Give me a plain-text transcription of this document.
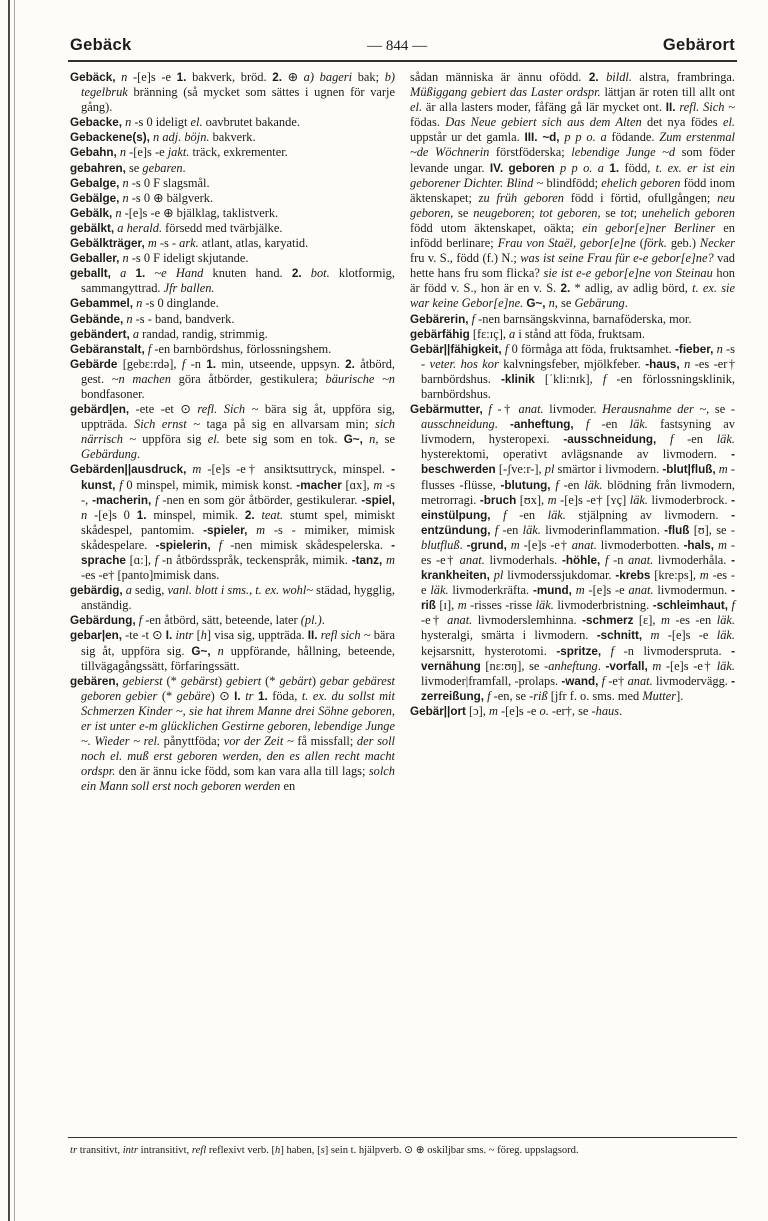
Gebäck	— 844 —	Gebärort

Gebäck, n -[e]s -e 1. bakverk, bröd. 2. ⊕ a) bageri bak; b) tegelbruk bränning (så mycket som sättes i ugnen för varje gång).

Gebacke, n -s 0 ideligt el. oavbrutet bakande.

Gebackene(s), n adj. böjn. bakverk.

Gebahn, n -[e]s -e jakt. träck, exkrementer.

gebahren, se gebaren.

Gebalge, n -s 0 F slagsmål.

Gebälge, n -s 0 ⊕ bälgverk.

Gebälk, n -[e]s -e ⊕ bjälklag, taklistverk.

gebälkt, a herald. försedd med tvärbjälke.

Gebälkträger, m -s - ark. atlant, atlas, karyatid.

Geballer, n -s 0 F ideligt skjutande.

geballt, a 1. ~e Hand knuten hand. 2. bot. klotformig, sammangyttrad. Jfr ballen.

Gebammel, n -s 0 dinglande.

Gebände, n -s - band, bandverk.

gebändert, a randad, randig, strimmig.

Gebäranstalt, f -en barnbördshus, förlossningshem.

Gebärde [gebɛ:rdə], f -n 1. min, utseende, uppsyn. 2. åtbörd, gest. ~n machen göra åtbörder, gestikulera; bäurische ~n bondfasoner.

gebärd|en, -ete -et ⊙ refl. Sich ~ bära sig åt, uppföra sig, uppträda. Sich ernst ~ taga på sig en allvarsam min; sich närrisch ~ uppföra sig el. bete sig som en tok. G~, n, se Gebärdung.

Gebärden||ausdruck, m -[e]s -e† ansiktsuttryck, minspel. -kunst, f 0 minspel, mimik, mimisk konst. -macher [ɑx], m -s -, -macherin, f -nen en som gör åtbörder, gestikulerar. -spiel, n -[e]s 0 1. minspel, mimik. 2. teat. stumt spel, mimiskt skådespel, pantomim. -spieler, m -s - mimiker, mimisk skådespelare. -spielerin, f -nen mimisk skådespelerska. -sprache [ɑ:], f -n åtbördsspråk, teckenspråk, mimik. -tanz, m -es -e† [panto]mimisk dans.

gebärdig, a sedig, vanl. blott i sms., t. ex. wohl~ städad, hygglig, anständig.

Gebärdung, f -en åtbörd, sätt, beteende, later (pl.).

gebar|en, -te -t ⊙ I. intr [h] visa sig, uppträda. II. refl sich ~ bära sig åt, uppföra sig. G~, n uppförande, hållning, beteende, tillvägagångssätt, förfaringssätt.

gebären, gebierst (* gebärst) gebiert (* gebärt) gebar gebärest geboren gebier (* gebäre) ⊙ I. tr 1. föda, t. ex. du sollst mit Schmerzen Kinder ~, sie hat ihrem Manne drei Söhne geboren, er ist unter e-m glücklichen Gestirne geboren, lebendige Junge ~. Wieder ~ rel. pånyttföda; vor der Zeit ~ få missfall; der soll noch el. muß erst geboren werden, den es allen recht macht ordspr. den är ännu icke född, som kan vara alla till lags; solch ein Mann soll erst noch geboren werden en

sådan människa är ännu ofödd. 2. bildl. alstra, frambringa. Müßiggang gebiert das Laster ordspr. lättjan är roten till allt ont el. är alla lasters moder, fåfäng gå lär mycket ont. II. refl. Sich ~ födas. Das Neue gebiert sich aus dem Alten det nya födes el. uppstår ur det gamla. III. ~d, p p o. a födande. Zum erstenmal ~de Wöchnerin förstföderska; lebendige Junge ~d som föder levande ungar. IV. geboren p p o. a 1. född, t. ex. er ist ein geborener Dichter. Blind ~ blindfödd; ehelich geboren född inom äktenskapet; zu früh geboren född i förtid, ofullgången; neu geboren, se neugeboren; tot geboren, se tot; unehelich geboren född utom äktenskapet, oäkta; ein gebor[e]ner Berliner en infödd berlinare; Frau von Staël, gebor[e]ne (förk. geb.) Necker fru v. S., född (f.) N.; was ist seine Frau für e-e gebor[e]ne? vad hette hans fru som flicka? sie ist e-e gebor[e]ne von Steinau hon är född v. S., hon är en v. S. 2. * adlig, av adlig börd, t. ex. sie war keine Gebor[e]ne. G~, n, se Gebärung.

Gebärerin, f -nen barnsängskvinna, barnaföderska, mor.

gebärfähig [fɛ:ɪç], a i stånd att föda, fruktsam.

Gebär||fähigkeit, f 0 förmåga att föda, fruktsamhet. -fieber, n -s - veter. hos kor kalvningsfeber, mjölkfeber. -haus, n -es -er† barnbördshus. -klinik [ˈkli:nɪk], f -en förlossningsklinik, barnbördshus.

Gebärmutter, f -† anat. livmoder. Herausnahme der ~, se -ausschneidung. -anheftung, f -en läk. fastsyning av livmodern, hysteropexi. -ausschneidung, f -en läk. hysterektomi, operativt avlägsnande av livmodern. -beschwerden [-ʃve:r-], pl smärtor i livmodern. -blut|fluß, m -flusses -flüsse, -blutung, f -en läk. blödning från livmodern, metrorragi. -bruch [ʊx], m -[e]s -e† [ʏç] läk. livmoderbrock. -einstülpung, f -en läk. stjälpning av livmodern. -entzündung, f -en läk. livmoderinflammation. -fluß [ʊ], se -blutfluß. -grund, m -[e]s -e† anat. livmoderbotten. -hals, m -es -e† anat. livmoderhals. -höhle, f -n anat. livmoderhåla. -krankheiten, pl livmoderssjukdomar. -krebs [kre:ps], m -es -e läk. livmoderkräfta. -mund, m -[e]s -e anat. livmodermun. -riß [ɪ], m -risses -risse läk. livmoderbristning. -schleimhaut, f -e† anat. livmoderslemhinna. -schmerz [ɛ], m -es -en läk. hysteralgi, smärta i livmodern. -schnitt, m -[e]s -e läk. kejsarsnitt, hysterotomi. -spritze, f -n livmoderspruta. -vernähung [nɛ:ʊŋ], se -anheftung. -vorfall, m -[e]s -e† läk. livmoder|framfall, -prolaps. -wand, f -e† anat. livmodervägg. -zerreißung, f -en, se -riß [jfr f. o. sms. med Mutter].

Gebär||ort [ɔ], m -[e]s -e o. -er†, se -haus.

tr transitivt, intr intransitivt, refl reflexivt verb. [h] haben, [s] sein t. hjälpverb. ⊙ ⊕ oskiljbar sms. ~ föreg. uppslagsord.
